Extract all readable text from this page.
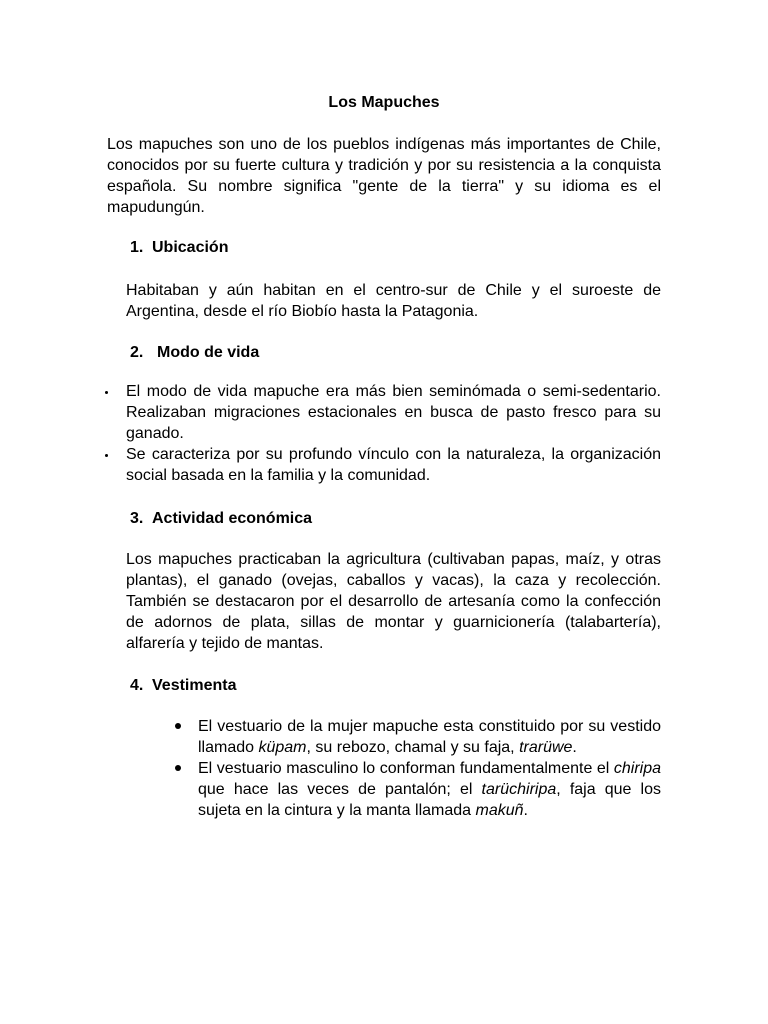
Los Mapuches

Los mapuches son uno de los pueblos indígenas más importantes de Chile, conocidos por su fuerte cultura y tradición y por su resistencia a la conquista española. Su nombre significa "gente de la tierra" y su idioma es el mapudungún.

1. Ubicación

Habitaban y aún habitan en el centro-sur de Chile y el suroeste de Argentina, desde el río Biobío hasta la Patagonia.

2. Modo de vida
El modo de vida mapuche era más bien seminómada o semi-sedentario. Realizaban migraciones estacionales en busca de pasto fresco para su ganado.
Se caracteriza por su profundo vínculo con la naturaleza, la organización social basada en la familia y la comunidad.
3. Actividad económica

Los mapuches practicaban la agricultura (cultivaban papas, maíz, y otras plantas), el ganado (ovejas, caballos y vacas), la caza y recolección. También se destacaron por el desarrollo de artesanía como la confección de adornos de plata, sillas de montar y guarnicionería (talabartería), alfarería y tejido de mantas.

4. Vestimenta
El vestuario de la mujer mapuche esta constituido por su vestido llamado küpam, su rebozo, chamal y su faja, trarüwe.
El vestuario masculino lo conforman fundamentalmente el chiripa que hace las veces de pantalón; el tarüchiripa, faja que los sujeta en la cintura y la manta llamada makuñ.
